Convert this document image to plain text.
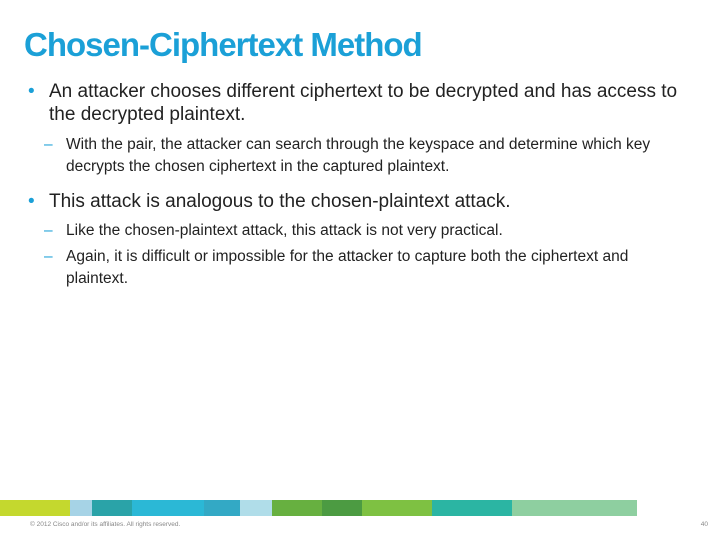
Chosen-Ciphertext Method
• An attacker chooses different ciphertext to be decrypted and has access to the decrypted plaintext.
– With the pair, the attacker can search through the keyspace and determine which key decrypts the chosen ciphertext in the captured plaintext.
• This attack is analogous to the chosen-plaintext attack.
– Like the chosen-plaintext attack, this attack is not very practical.
– Again, it is difficult or impossible for the attacker to capture both the ciphertext and plaintext.
© 2012 Cisco and/or its affiliates. All rights reserved.	40
